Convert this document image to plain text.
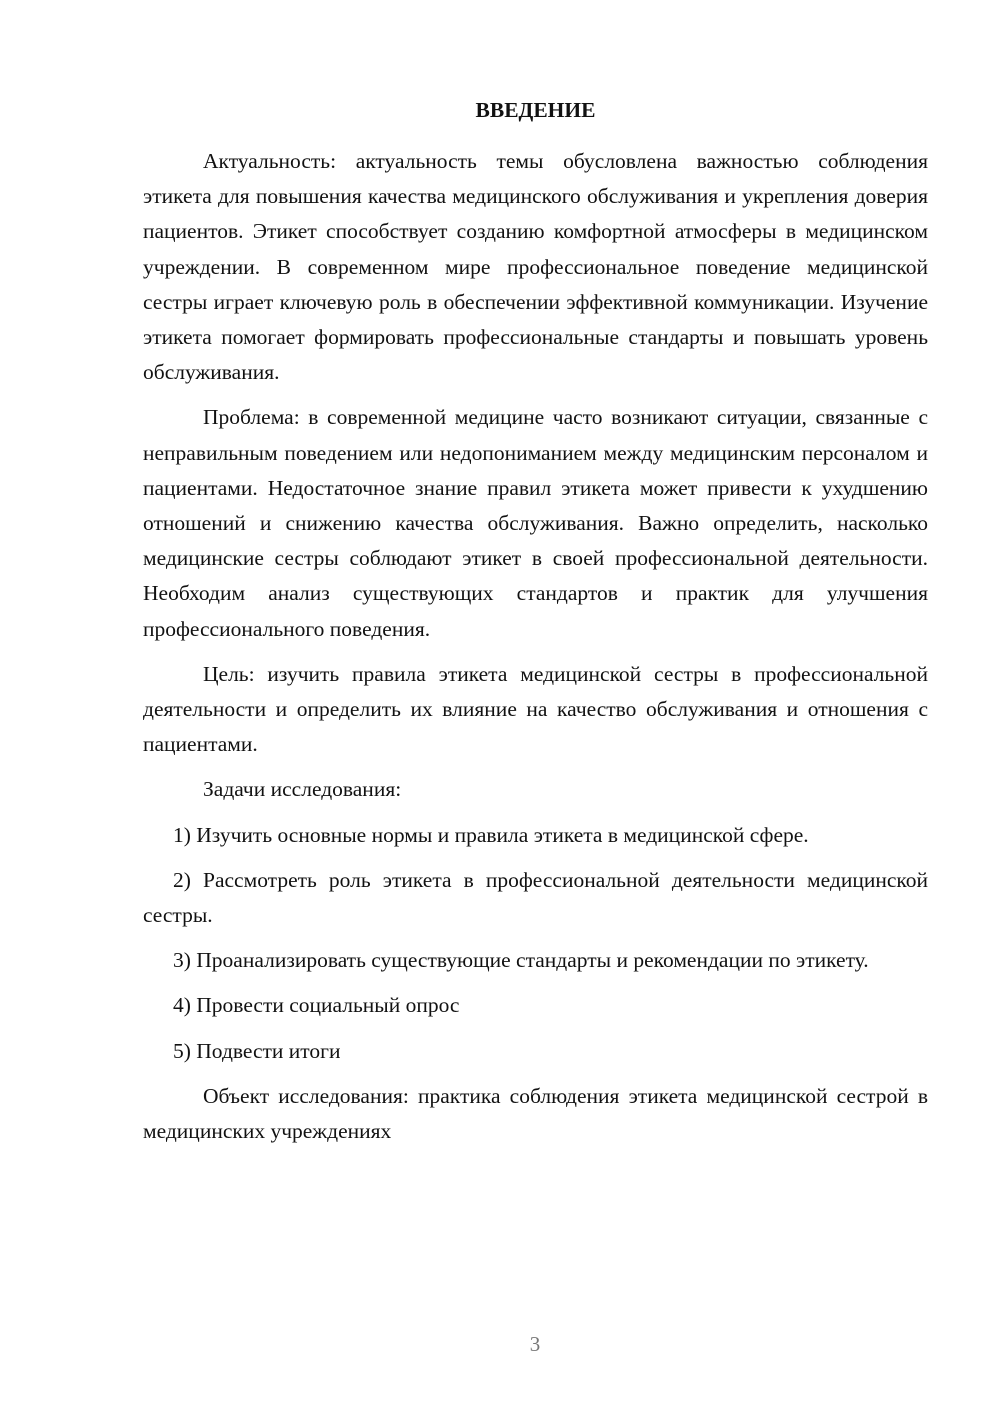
ВВЕДЕНИЕ

Актуальность: актуальность темы обусловлена важностью соблюдения этикета для повышения качества медицинского обслуживания и укрепления доверия пациентов. Этикет способствует созданию комфортной атмосферы в медицинском учреждении. В современном мире профессиональное поведение медицинской сестры играет ключевую роль в обеспечении эффективной коммуникации. Изучение этикета помогает формировать профессиональные стандарты и повышать уровень обслуживания.

Проблема: в современной медицине часто возникают ситуации, связанные с неправильным поведением или недопониманием между медицинским персоналом и пациентами. Недостаточное знание правил этикета может привести к ухудшению отношений и снижению качества обслуживания. Важно определить, насколько медицинские сестры соблюдают этикет в своей профессиональной деятельности. Необходим анализ существующих стандартов и практик для улучшения профессионального поведения.

Цель: изучить правила этикета медицинской сестры в профессиональной деятельности и определить их влияние на качество обслуживания и отношения с пациентами.

Задачи исследования:

1) Изучить основные нормы и правила этикета в медицинской сфере.

2) Рассмотреть роль этикета в профессиональной деятельности медицинской сестры.

3) Проанализировать существующие стандарты и рекомендации по этикету.

4) Провести социальный опрос

5) Подвести итоги

Объект исследования: практика соблюдения этикета медицинской сестрой в медицинских учреждениях

3
